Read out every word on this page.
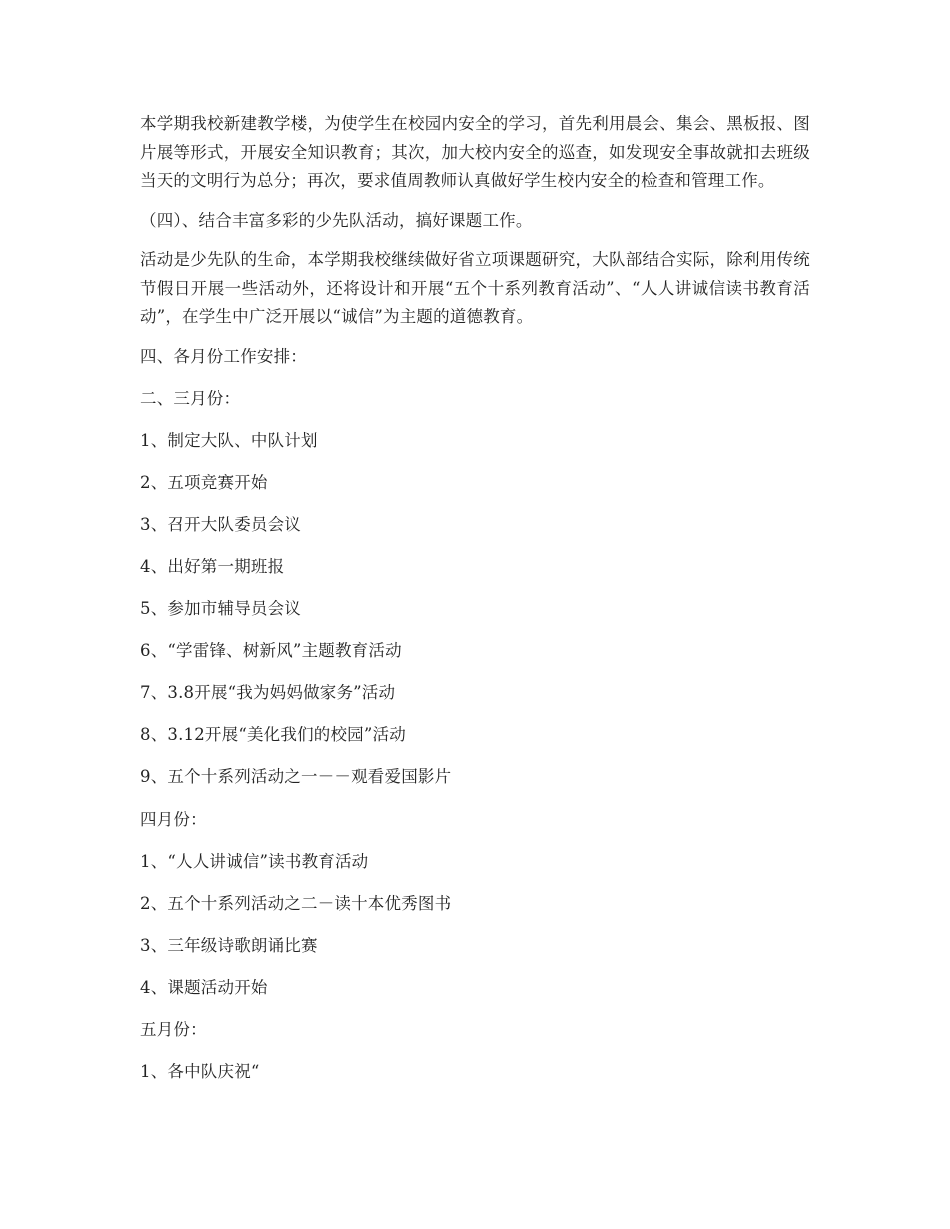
本学期我校新建教学楼，为使学生在校园内安全的学习，首先利用晨会、集会、黑板报、图片展等形式，开展安全知识教育；其次，加大校内安全的巡查，如发现安全事故就扣去班级当天的文明行为总分；再次，要求值周教师认真做好学生校内安全的检查和管理工作。

（四）、结合丰富多彩的少先队活动，搞好课题工作。

活动是少先队的生命，本学期我校继续做好省立项课题研究，大队部结合实际，除利用传统节假日开展一些活动外，还将设计和开展“五个十系列教育活动”、“人人讲诚信读书教育活动”，在学生中广泛开展以“诚信”为主题的道德教育。

四、各月份工作安排：

二、三月份：

1、制定大队、中队计划

2、五项竞赛开始

3、召开大队委员会议

4、出好第一期班报

5、参加市辅导员会议

6、“学雷锋、树新风”主题教育活动

7、3.8开展“我为妈妈做家务”活动

8、3.12开展“美化我们的校园”活动

9、五个十系列活动之一－－观看爱国影片

四月份：

1、“人人讲诚信”读书教育活动

2、五个十系列活动之二－读十本优秀图书

3、三年级诗歌朗诵比赛

4、课题活动开始

五月份：

1、各中队庆祝“
